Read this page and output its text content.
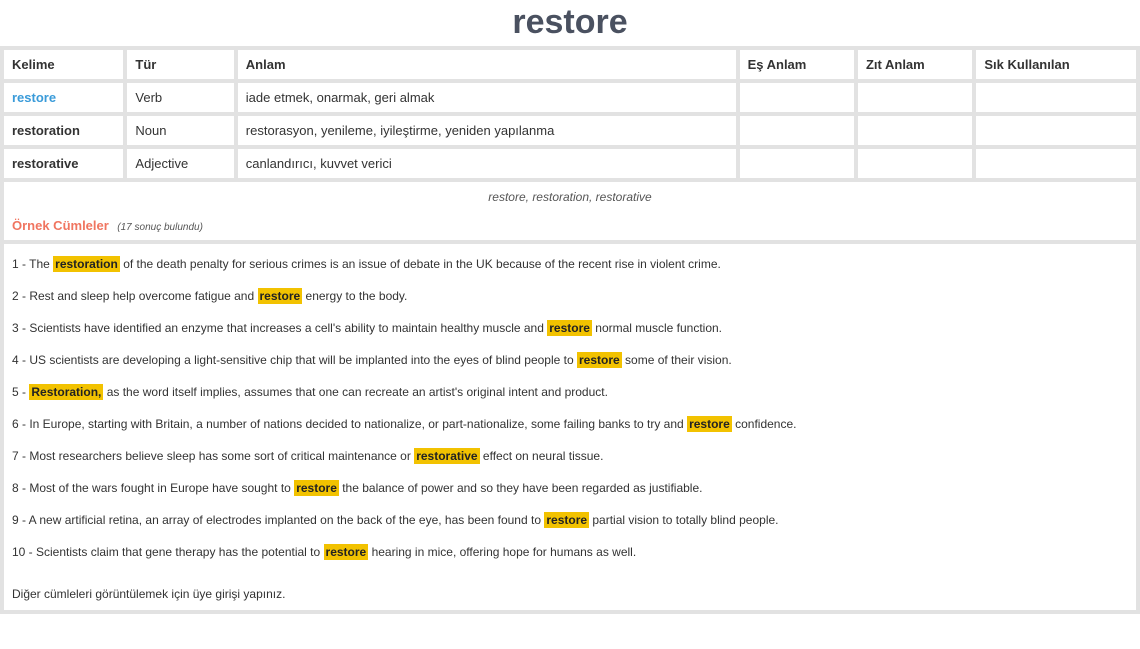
restore
Kelime	Tür	Anlam	Eş Anlam	Zıt Anlam	Sık Kullanılan
restore	Verb	iade etmek, onarmak, geri almak			
restoration	Noun	restorasyon, yenileme, iyileştirme, yeniden yapılanma			
restorative	Adjective	canlandırıcı, kuvvet verici			
restore, restoration, restorative					
Örnek Cümleler (17 sonuç bulundu)
1 - The restoration of the death penalty for serious crimes is an issue of debate in the UK because of the recent rise in violent crime.
2 - Rest and sleep help overcome fatigue and restore energy to the body.
3 - Scientists have identified an enzyme that increases a cell's ability to maintain healthy muscle and restore normal muscle function.
4 - US scientists are developing a light-sensitive chip that will be implanted into the eyes of blind people to restore some of their vision.
5 - Restoration, as the word itself implies, assumes that one can recreate an artist's original intent and product.
6 - In Europe, starting with Britain, a number of nations decided to nationalize, or part-nationalize, some failing banks to try and restore confidence.
7 - Most researchers believe sleep has some sort of critical maintenance or restorative effect on neural tissue.
8 - Most of the wars fought in Europe have sought to restore the balance of power and so they have been regarded as justifiable.
9 - A new artificial retina, an array of electrodes implanted on the back of the eye, has been found to restore partial vision to totally blind people.
10 - Scientists claim that gene therapy has the potential to restore hearing in mice, offering hope for humans as well.
Diğer cümleleri görüntülemek için üye girişi yapınız.
